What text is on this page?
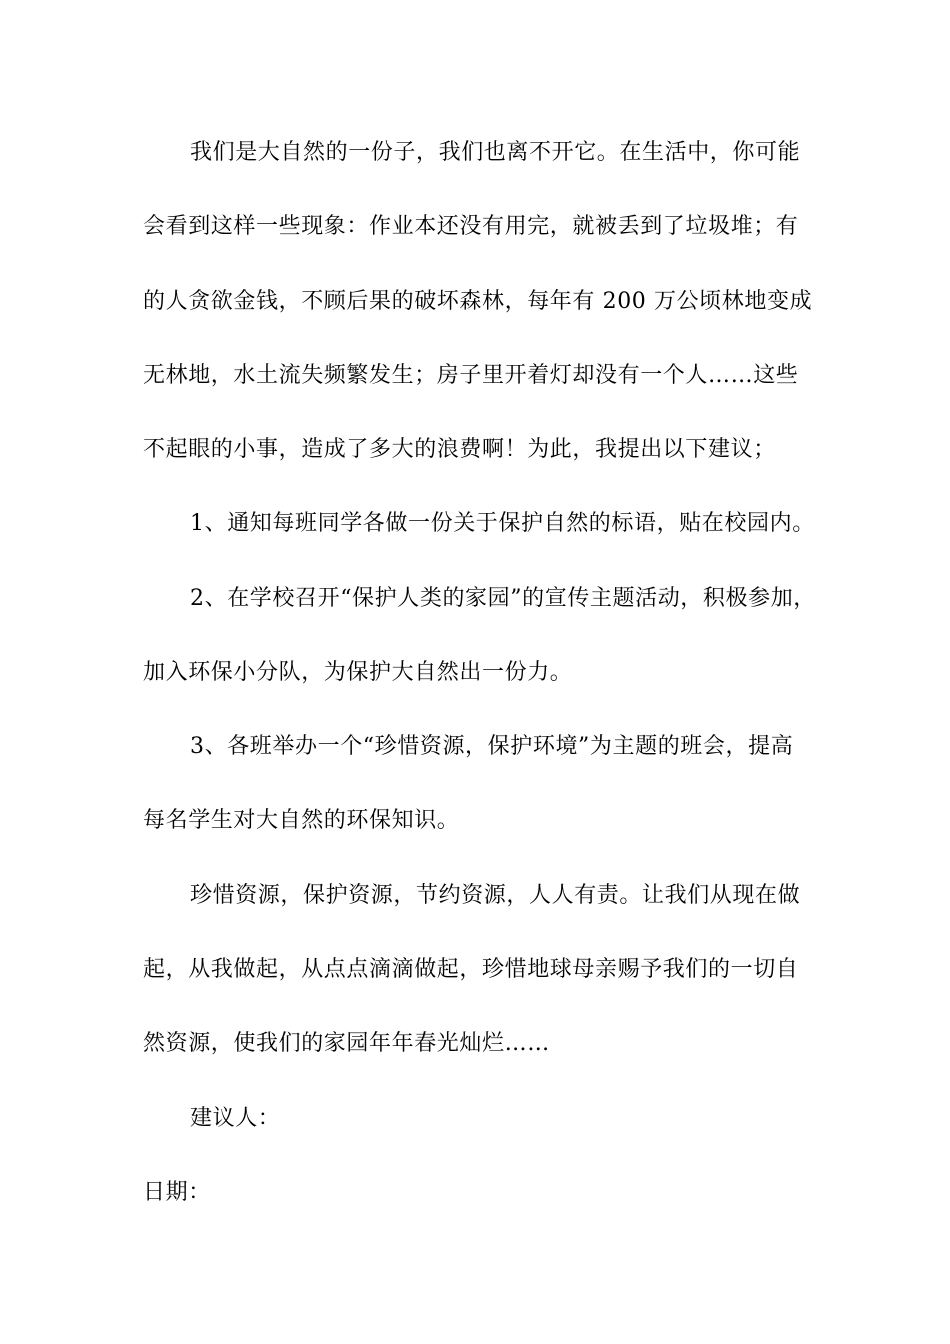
我们是大自然的一份子，我们也离不开它。在生活中，你可能
会看到这样一些现象：作业本还没有用完，就被丢到了垃圾堆；有
的人贪欲金钱，不顾后果的破坏森林，每年有 200 万公顷林地变成
无林地，水土流失频繁发生；房子里开着灯却没有一个人……这些
不起眼的小事，造成了多大的浪费啊！为此，我提出以下建议；
1、通知每班同学各做一份关于保护自然的标语，贴在校园内。
2、在学校召开“保护人类的家园”的宣传主题活动，积极参加，
加入环保小分队，为保护大自然出一份力。
3、各班举办一个“珍惜资源，保护环境”为主题的班会，提高
每名学生对大自然的环保知识。
珍惜资源，保护资源，节约资源，人人有责。让我们从现在做
起，从我做起，从点点滴滴做起，珍惜地球母亲赐予我们的一切自
然资源，使我们的家园年年春光灿烂……
建议人：
日期：
